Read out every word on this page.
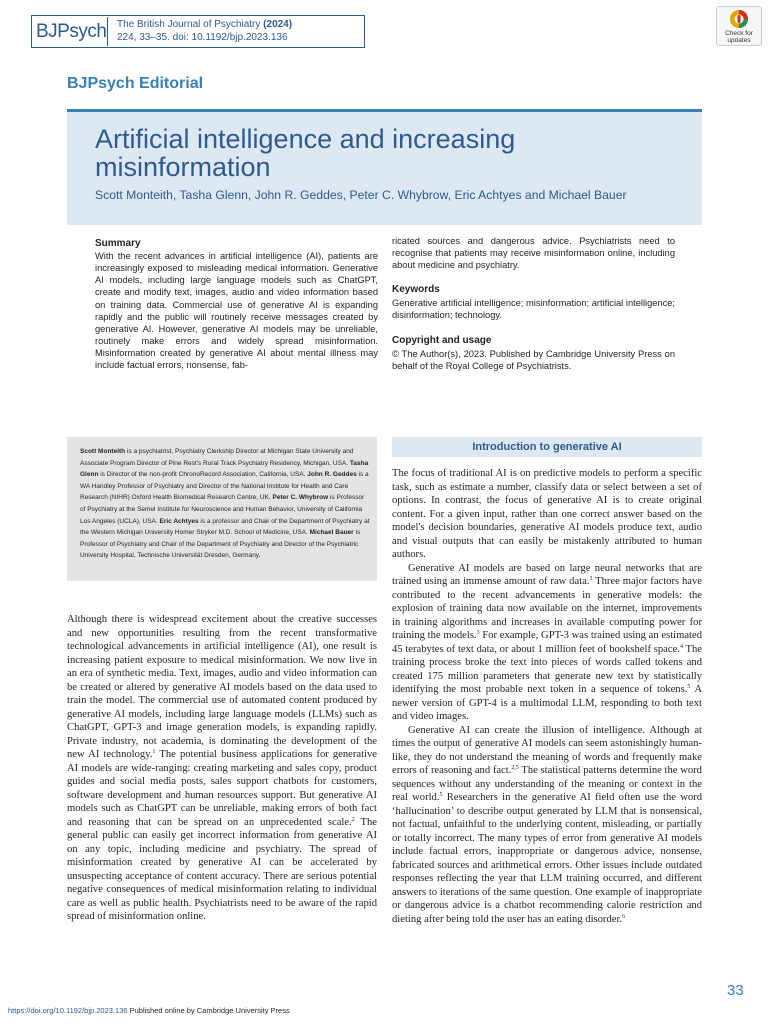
BJPsych The British Journal of Psychiatry (2024)
224, 33–35. doi: 10.1192/bjp.2023.136	Check for
updates
BJPsych Editorial
Artificial intelligence and increasing misinformation
Scott Monteith, Tasha Glenn, John R. Geddes, Peter C. Whybrow, Eric Achtyes and Michael Bauer
Summary
With the recent advances in artificial intelligence (AI), patients are increasingly exposed to misleading medical information. Generative AI models, including large language models such as ChatGPT, create and modify text, images, audio and video information based on training data. Commercial use of generative AI is expanding rapidly and the public will routinely receive messages created by generative AI. However, generative AI models may be unreliable, routinely make errors and widely spread misinformation. Misinformation created by generative AI about mental illness may include factual errors, nonsense, fab-
ricated sources and dangerous advice. Psychiatrists need to recognise that patients may receive misinformation online, including about medicine and psychiatry.
Keywords
Generative artificial intelligence; misinformation; artificial intelligence; disinformation; technology.
Copyright and usage
© The Author(s), 2023. Published by Cambridge University Press on behalf of the Royal College of Psychiatrists.
Scott Monteith is a psychiatrist, Psychiatry Clerkship Director at Michigan State University and Associate Program Director of Pine Rest's Rural Track Psychiatry Residency, Michigan, USA. Tasha Glenn is Director of the non-profit ChronoRecord Association, California, USA. John R. Geddes is a WA Handley Professor of Psychiatry and Director of the National Institute for Health and Care Research (NIHR) Oxford Health Biomedical Research Centre, UK. Peter C. Whybrow is Professor of Psychiatry at the Semel Institute for Neuroscience and Human Behavior, University of California Los Angeles (UCLA), USA. Eric Achtyes is a professor and Chair of the Department of Psychiatry at the Western Michigan University Homer Stryker M.D. School of Medicine, USA. Michael Bauer is Professor of Psychiatry and Chair of the Department of Psychiatry and Director of the Psychiatric University Hospital, Technische Universität Dresden, Germany.
Introduction to generative AI

Although there is widespread excitement about the creative successes and new opportunities resulting from the recent transformative technological advancements in artificial intelligence (AI), one result is increasing patient exposure to medical misinformation. We now live in an era of synthetic media. Text, images, audio and video information can be created or altered by generative AI models based on the data used to train the model. The commercial use of automated content produced by generative AI models, including large language models (LLMs) such as ChatGPT, GPT-3 and image generation models, is expanding rapidly. Private industry, not academia, is dominating the development of the new AI technology.$^1$ The potential business applications for generative AI models are wide-ranging: creating marketing and sales copy, product guides and social media posts, sales support chatbots for customers, software development and human resources support. But generative AI models such as ChatGPT can be unreliable, making errors of both fact and reasoning that can be spread on an unprecedented scale.$^2$ The general public can easily get incorrect information from generative AI on any topic, including medicine and psychiatry. The spread of misinformation created by generative AI can be accelerated by unsuspecting acceptance of content accuracy. There are serious potential negative consequences of medical misinformation relating to individual care as well as public health. Psychiatrists need to be aware of the rapid spread of misinformation online.

The focus of traditional AI is on predictive models to perform a specific task, such as estimate a number, classify data or select between a set of options. In contrast, the focus of generative AI is to create original content. For a given input, rather than one correct answer based on the model's decision boundaries, generative AI models produce text, audio and visual outputs that can easily be mistakenly attributed to human authors.

Generative AI models are based on large neural networks that are trained using an immense amount of raw data.$^3$ Three major factors have contributed to the recent advancements in generative models: the explosion of training data now available on the internet, improvements in training algorithms and increases in available computing power for training the models.$^3$ For example, GPT-3 was trained using an estimated 45 terabytes of text data, or about 1 million feet of bookshelf space.$^4$ The training process broke the text into pieces of words called tokens and created 175 million parameters that generate new text by statistically identifying the most probable next token in a sequence of tokens.$^5$ A newer version of GPT-4 is a multimodal LLM, responding to both text and video images.

Generative AI can create the illusion of intelligence. Although at times the output of generative AI models can seem astonishingly human-like, they do not understand the meaning of words and frequently make errors of reasoning and fact.$^{2,5}$ The statistical patterns determine the word sequences without any understanding of the meaning or context in the real world.$^5$ Researchers in the generative AI field often use the word ‘hallucination’ to describe output generated by LLM that is nonsensical, not factual, unfaithful to the underlying content, misleading, or partially or totally incorrect. The many types of error from generative AI models include factual errors, inappropriate or dangerous advice, nonsense, fabricated sources and arithmetical errors. Other issues include outdated responses reflecting the year that LLM training occurred, and different answers to iterations of the same question. One example of inappropriate or dangerous advice is a chatbot recommending calorie restriction and dieting after being told the user has an eating disorder.$^6$

33
https://doi.org/10.1192/bjp.2023.136 Published online by Cambridge University Press
